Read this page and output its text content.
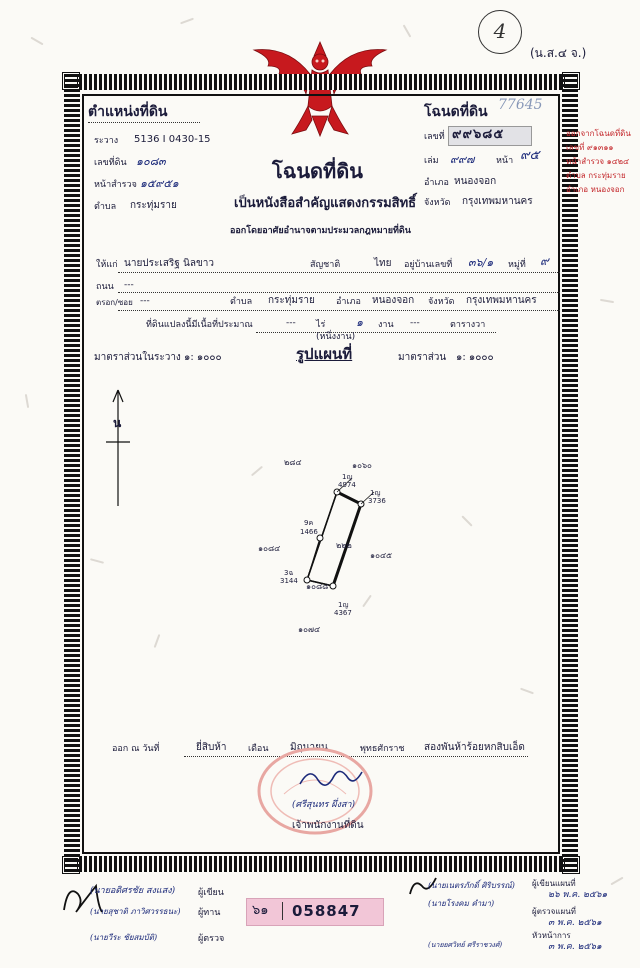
4
(น.ส.๔ จ.)
ตำแหน่งที่ดิน
ระวาง 5136 I 0430-15
เลขที่ดิน ๑๐๘๓
หน้าสำรวจ ๑๕๙๕๑
ตำบล กระทุ่มราย
โฉนดที่ดิน 77645
เลขที่ ๙๙๖๘๕
เล่ม ๙๙๗ หน้า ๙๕
อำเภอ หนองจอก
จังหวัด กรุงเทพมหานคร
ออกจากโฉนดที่ดิน
เลขที่ ๙๑๓๑๑
หน้าสำรวจ ๑๔๒๔
ตำบล กระทุ่มราย
อำเภอ หนองจอก
โฉนดที่ดิน
เป็นหนังสือสำคัญแสดงกรรมสิทธิ์
ออกโดยอาศัยอำนาจตามประมวลกฎหมายที่ดิน
ให้แก่ นายประเสริฐ นิลขาว	สัญชาติ	ไทย อยู่บ้านเลขที่ ๓๖/๑ หมู่ที่ ๙
ถนน ---
ตรอก/ซอย ---	ตำบล กระทุ่มราย อำเภอ หนองจอก จังหวัด กรุงเทพมหานคร
ที่ดินแปลงนี้มีเนื้อที่ประมาณ	--- ไร่	๑ งาน ---	ตารางวา
(หนึ่งงาน)
มาตราส่วนในระวาง ๑: ๑๐๐๐	รูปแผนที่	มาตราส่วน ๑: ๑๐๐๐
น
๒๘๔	๑๐๖๐
๒๒๒
๑๐๘๔
๑๐๔๕
๑๐๘๘
๑๐๗๔
1ญ
4974
1ญ
3736
9ค
1466
3ฉ
3144
1ญ
4367
ออก ณ วันที่	ยี่สิบห้า เดือน มิถุนายน	พุทธศักราช สองพันห้าร้อยหกสิบเอ็ด
(ศรีสุนทร ผึ่งสา)
เจ้าพนักงานที่ดิน
(นายอดิศรชัย สงแสง)	ผู้เขียน
(นายสุชาติ ภาวิศวรรธนะ) ผู้ทาน
(นายวีระ ชัยสมบัติ)	ผู้ตรวจ
๖๑ 058847
(นายเนตรภักดิ์ ศิริบรรณ์) ผู้เขียนแผนที่
๒๖ พ.ค. ๒๕๖๑
(นายโรงคม คำมา)
ผู้ตรวจแผนที่
๓ พ.ค. ๒๕๖๑
(นายยศวิทย์ ศรีราชวงศ์)
หัวหน้าการ
๓ พ.ค. ๒๕๖๑
